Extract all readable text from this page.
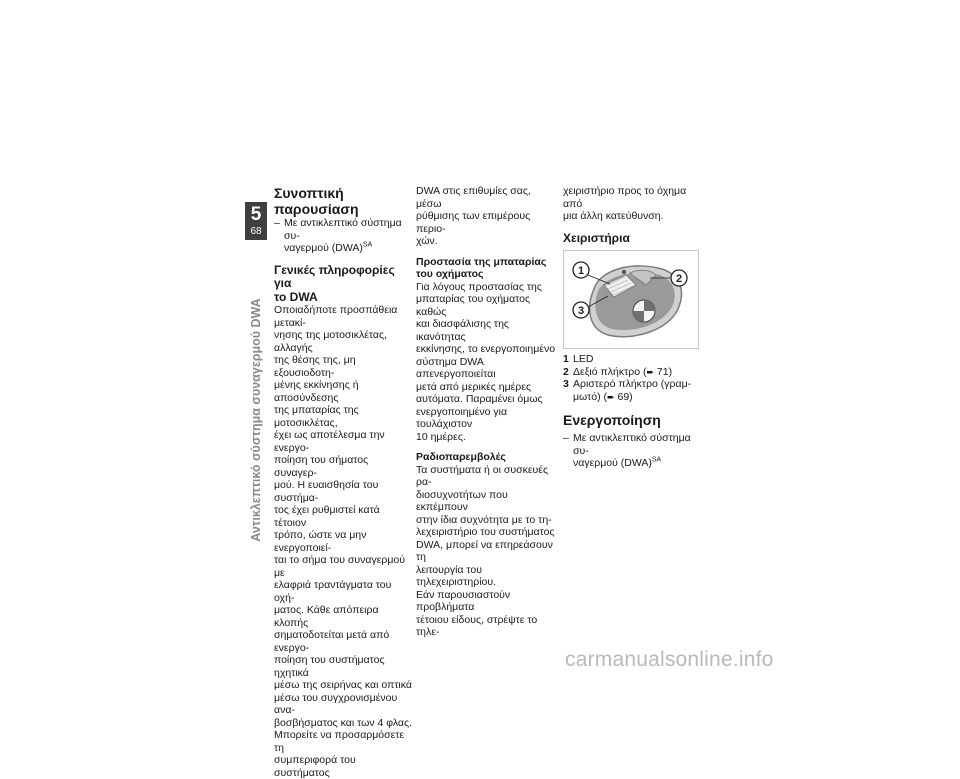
5
68
Αντικλεπτικό σύστημα συναγερμού DWA

Συνοπτική παρουσίαση

– Με αντικλεπτικό σύστημα συ-
ναγερμού (DWA)$^{SA}$

Γενικές πληροφορίες για
το DWA

Οποιαδήποτε προσπάθεια μετακί-

νησης της μοτοσικλέτας, αλλαγής

της θέσης της, μη εξουσιοδοτη-

μένης εκκίνησης ή αποσύνδεσης

της μπαταρίας της μοτοσικλέτας,

έχει ως αποτέλεσμα την ενεργο-

ποίηση του σήματος συναγερ-

μού. Η ευαισθησία του συστήμα-

τος έχει ρυθμιστεί κατά τέτοιον

τρόπο, ώστε να μην ενεργοποιεί-

ται το σήμα του συναγερμού με

ελαφριά τραντάγματα του οχή-

ματος. Κάθε απόπειρα κλοπής

σηματοδοτείται μετά από ενεργο-

ποίηση του συστήματος ηχητικά

μέσω της σειρήνας και οπτικά

μέσω του συγχρονισμένου ανα-

βοσβήσματος και των 4 φλας.

Μπορείτε να προσαρμόσετε τη

συμπεριφορά του συστήματος

DWA στις επιθυμίες σας, μέσω

ρύθμισης των επιμέρους περιο-

χών.

Προστασία της μπαταρίας
του οχήματος

Για λόγους προστασίας της

μπαταρίας του οχήματος καθώς

και διασφάλισης της ικανότητας

εκκίνησης, το ενεργοποιημένο

σύστημα DWA απενεργοποιείται

μετά από μερικές ημέρες

αυτόματα. Παραμένει όμως

ενεργοποιημένο για τουλάχιστον

10 ημέρες.

Ραδιοπαρεμβολές

Τα συστήματα ή οι συσκευές ρα-

διοσυχνοτήτων που εκπέμπουν

στην ίδια συχνότητα με το τη-

λεχειριστήριο του συστήματος

DWA, μπορεί να επηρεάσουν τη

λειτουργία του τηλεχειριστηρίου.

Εάν παρουσιαστούν προβλήματα

τέτοιου είδους, στρέψτε το τηλε-

χειριστήριο προς το όχημα από

μια άλλη κατεύθυνση.

Χειριστήρια

1
2
3
1 LED
2 Δεξιό πλήκτρο (➨ 71)
3 Αριστερό πλήκτρο (γραμ-
μωτό) (➨ 69)

Ενεργοποίηση

– Με αντικλεπτικό σύστημα συ-
ναγερμού (DWA)$^{SA}$

carmanualsonline.info
